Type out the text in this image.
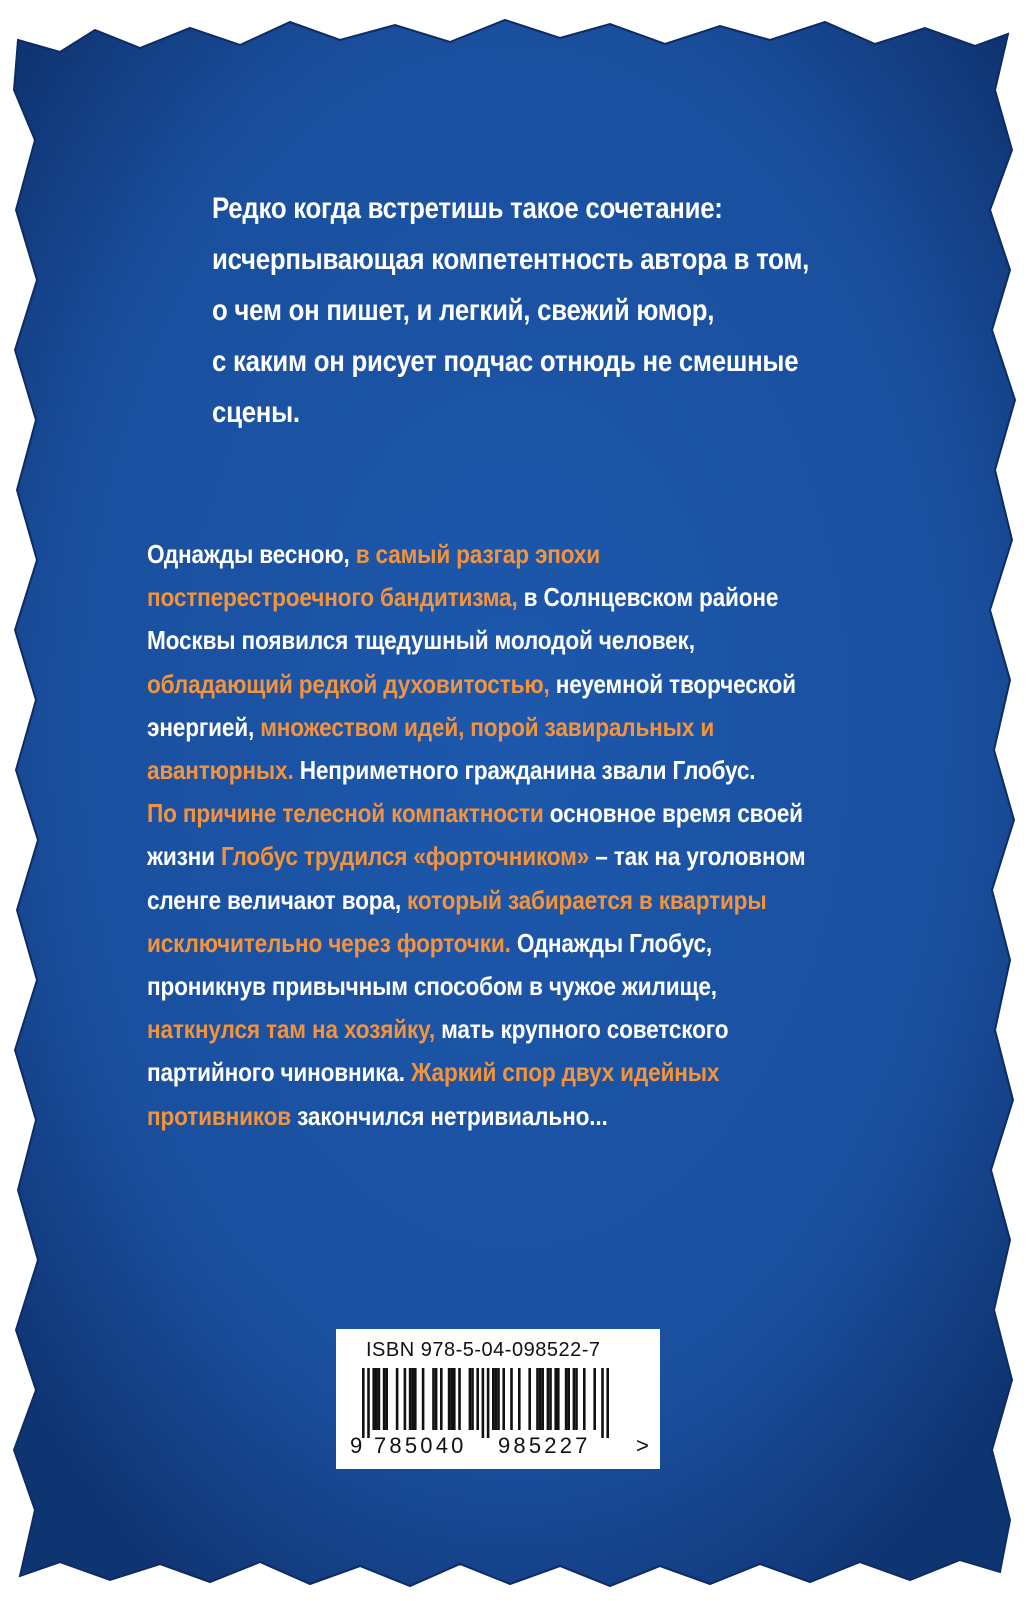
Редко когда встретишь такое сочетание:
исчерпывающая компетентность автора в том,
о чем он пишет, и легкий, свежий юмор,
с каким он рисует подчас отнюдь не смешные
сцены.
Однажды весною, в самый разгар эпохи
постперестроечного бандитизма, в Солнцевском районе
Москвы появился тщедушный молодой человек,
обладающий редкой духовитостью, неуемной творческой
энергией, множеством идей, порой завиральных и
авантюрных. Неприметного гражданина звали Глобус.
По причине телесной компактности основное время своей
жизни Глобус трудился «форточником» – так на уголовном
сленге величают вора, который забирается в квартиры
исключительно через форточки. Однажды Глобус,
проникнув привычным способом в чужое жилище,
наткнулся там на хозяйку, мать крупного советского
партийного чиновника. Жаркий спор двух идейных
противников закончился нетривиально...

ISBN 978-5-04-098522-7

9 785040 985227 >
